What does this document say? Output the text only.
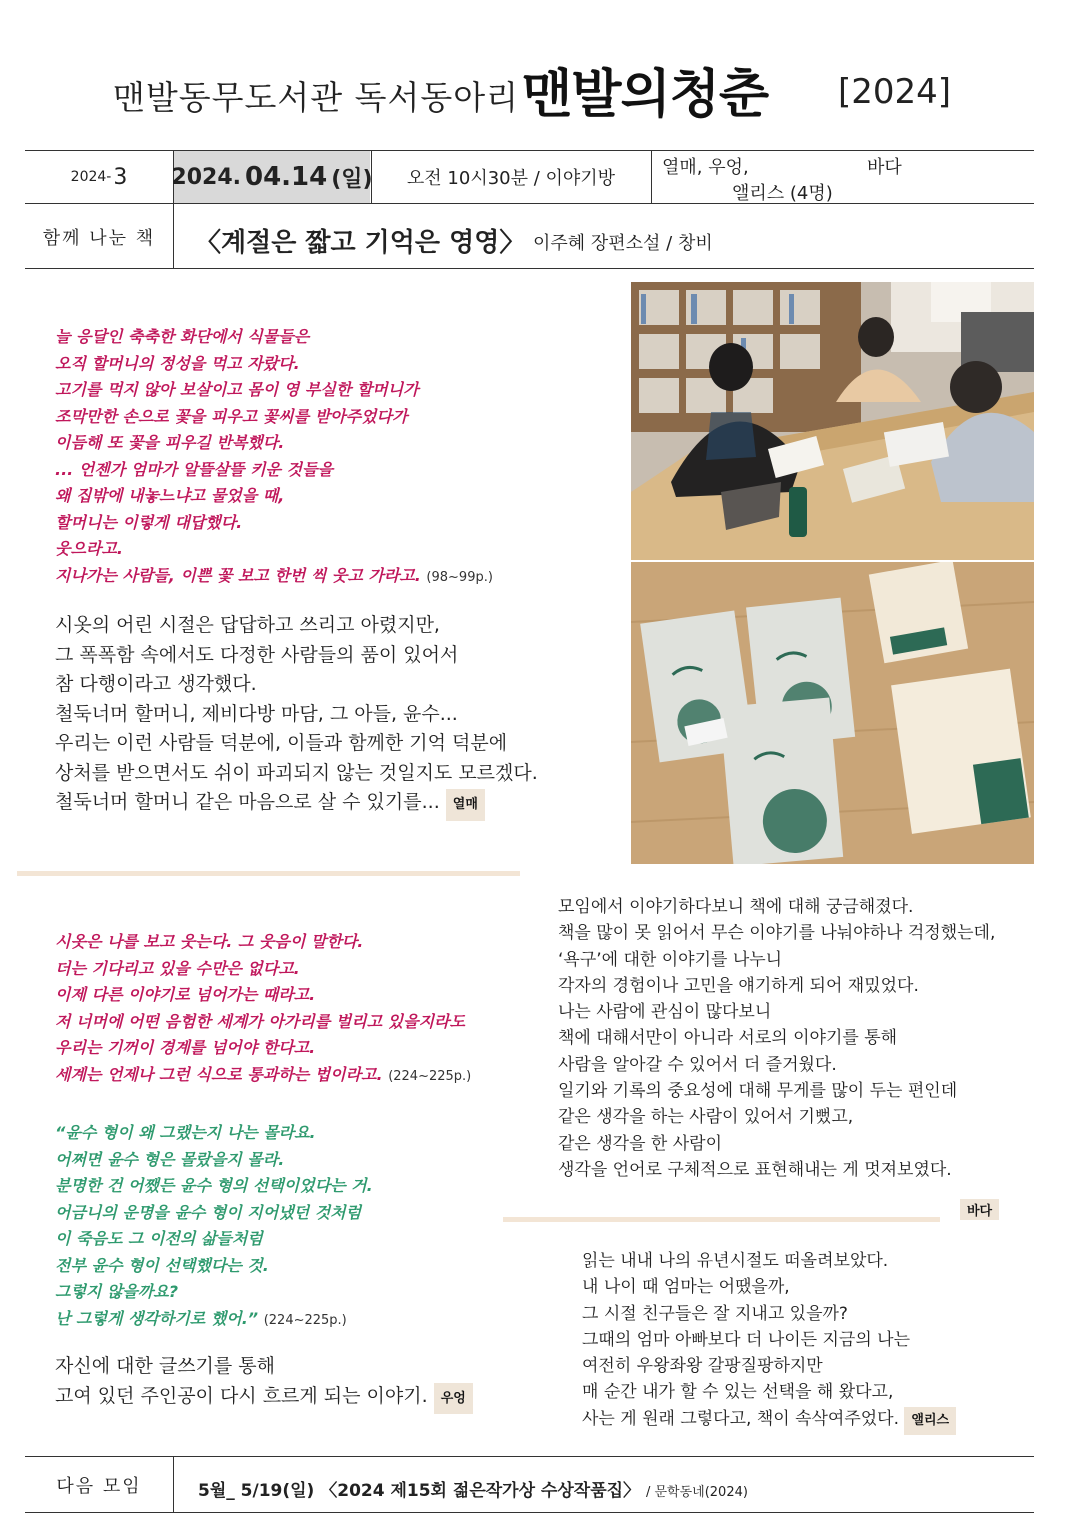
맨발동무도서관 독서동아리 맨발의청춘 [2024]
2024- 3 2024. 04.14 (일)	오전 10시30분 / 이야기방
열매, 우엉,	바다
앨리스 (4명)
함께 나눈 책	〈계절은 짧고 기억은 영영〉 이주혜 장편소설 / 창비
늘 응달인 축축한 화단에서 식물들은
오직 할머니의 정성을 먹고 자랐다.
고기를 먹지 않아 보살이고 몸이 영 부실한 할머니가
조막만한 손으로 꽃을 피우고 꽃씨를 받아주었다가
이듬해 또 꽃을 피우길 반복했다.
... 언젠가 엄마가 알뜰살뜰 키운 것들을
왜 집밖에 내놓느냐고 물었을 때,
할머니는 이렇게 대답했다.
웃으라고.
지나가는 사람들, 이쁜 꽃 보고 한번 씩 웃고 가라고. (98~99p.)
시옷의 어린 시절은 답답하고 쓰리고 아렸지만,
그 폭폭함 속에서도 다정한 사람들의 품이 있어서
참 다행이라고 생각했다.
철둑너머 할머니, 제비다방 마담, 그 아들, 윤수...
우리는 이런 사람들 덕분에, 이들과 함께한 기억 덕분에
상처를 받으면서도 쉬이 파괴되지 않는 것일지도 모르겠다.
철둑너머 할머니 같은 마음으로 살 수 있기를... 열매
시옷은 나를 보고 웃는다. 그 웃음이 말한다.
더는 기다리고 있을 수만은 없다고.
이제 다른 이야기로 넘어가는 때라고.
저 너머에 어떤 음험한 세계가 아가리를 벌리고 있을지라도
우리는 기꺼이 경계를 넘어야 한다고.
세계는 언제나 그런 식으로 통과하는 법이라고. (224~225p.)
“윤수 형이 왜 그랬는지 나는 몰라요.
어쩌면 윤수 형은 몰랐을지 몰라.
분명한 건 어쨌든 윤수 형의 선택이었다는 거.
어금니의 운명을 윤수 형이 지어냈던 것처럼
이 죽음도 그 이전의 삶들처럼
전부 윤수 형이 선택했다는 것.
그렇지 않을까요?
난 그렇게 생각하기로 했어.” (224~225p.)
자신에 대한 글쓰기를 통해
고여 있던 주인공이 다시 흐르게 되는 이야기. 우엉
모임에서 이야기하다보니 책에 대해 궁금해졌다.
책을 많이 못 읽어서 무슨 이야기를 나눠야하나 걱정했는데,
‘욕구’에 대한 이야기를 나누니
각자의 경험이나 고민을 얘기하게 되어 재밌었다.
나는 사람에 관심이 많다보니
책에 대해서만이 아니라 서로의 이야기를 통해
사람을 알아갈 수 있어서 더 즐거웠다.
일기와 기록의 중요성에 대해 무게를 많이 두는 편인데
같은 생각을 하는 사람이 있어서 기뻤고,
같은 생각을 한 사람이
생각을 언어로 구체적으로 표현해내는 게 멋져보였다.
바다
읽는 내내 나의 유년시절도 떠올려보았다.
내 나이 때 엄마는 어땠을까,
그 시절 친구들은 잘 지내고 있을까?
그때의 엄마 아빠보다 더 나이든 지금의 나는
여전히 우왕좌왕 갈팡질팡하지만
매 순간 내가 할 수 있는 선택을 해 왔다고,
사는 게 원래 그렇다고, 책이 속삭여주었다. 앨리스
다음 모임	5월_ 5/19(일) 〈2024 제15회 젊은작가상 수상작품집〉 / 문학동네(2024)
